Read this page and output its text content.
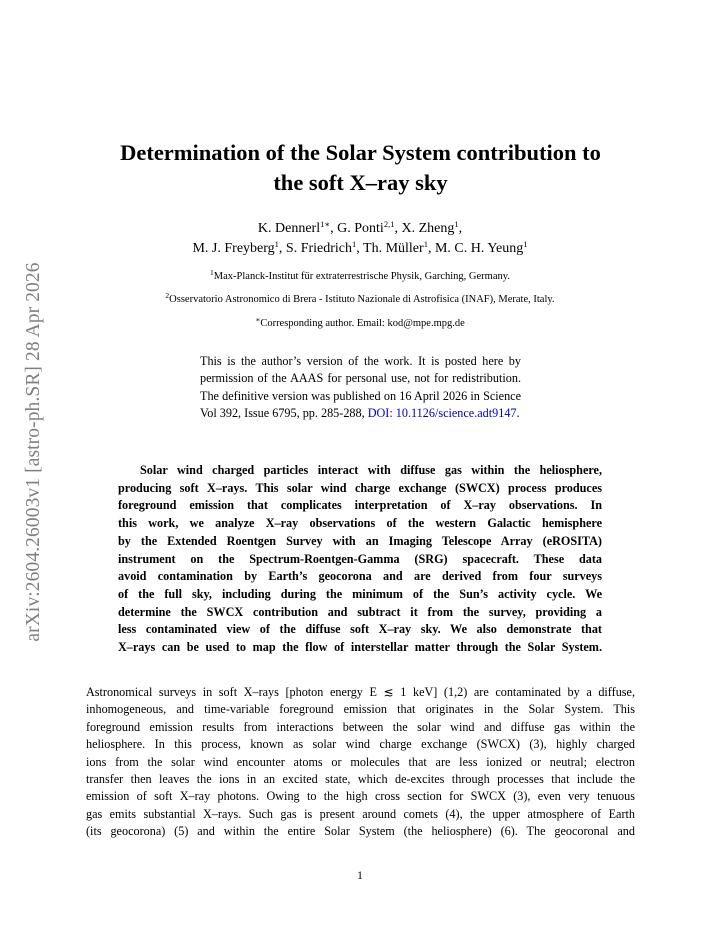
arXiv:2604.26003v1 [astro-ph.SR] 28 Apr 2026
Determination of the Solar System contribution to
the soft X–ray sky
K. Dennerl$^{1∗}$, G. Ponti$^{2,1}$, X. Zheng$^1$,
M. J. Freyberg$^1$, S. Friedrich$^1$, Th. Müller$^1$, M. C. H. Yeung$^1$
$^1$Max-Planck-Institut für extraterrestrische Physik, Garching, Germany.
$^2$Osservatorio Astronomico di Brera - Istituto Nazionale di Astrofisica (INAF), Merate, Italy.
∗Corresponding author. Email: kod@mpe.mpg.de
This is the author’s version of the work. It is posted here by permission of the AAAS for personal use, not for redistribution. The definitive version was published on 16 April 2026 in Science Vol 392, Issue 6795, pp. 285-288, DOI: 10.1126/science.adt9147.
Solar wind charged particles interact with diffuse gas within the heliosphere,
producing soft X–rays. This solar wind charge exchange (SWCX) process produces
foreground emission that complicates interpretation of X–ray observations. In
this work, we analyze X–ray observations of the western Galactic hemisphere
by the Extended Roentgen Survey with an Imaging Telescope Array (eROSITA)
instrument on the Spectrum-Roentgen-Gamma (SRG) spacecraft. These data
avoid contamination by Earth’s geocorona and are derived from four surveys
of the full sky, including during the minimum of the Sun’s activity cycle. We
determine the SWCX contribution and subtract it from the survey, providing a
less contaminated view of the diffuse soft X–ray sky. We also demonstrate that
X–rays can be used to map the flow of interstellar matter through the Solar System.
Astronomical surveys in soft X–rays [photon energy E ≲ 1 keV] (1,2) are contaminated by a diffuse,
inhomogeneous, and time-variable foreground emission that originates in the Solar System. This
foreground emission results from interactions between the solar wind and diffuse gas within the
heliosphere. In this process, known as solar wind charge exchange (SWCX) (3), highly charged
ions from the solar wind encounter atoms or molecules that are less ionized or neutral; electron
transfer then leaves the ions in an excited state, which de-excites through processes that include the
emission of soft X–ray photons. Owing to the high cross section for SWCX (3), even very tenuous
gas emits substantial X–rays. Such gas is present around comets (4), the upper atmosphere of Earth
(its geocorona) (5) and within the entire Solar System (the heliosphere) (6). The geocoronal and
1
